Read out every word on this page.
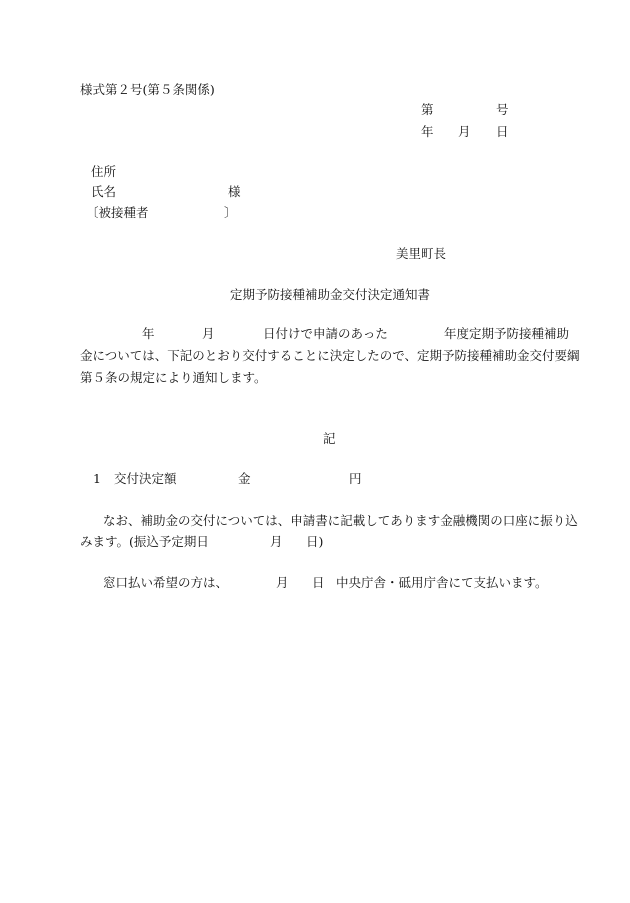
様式第２号(第５条関係)
第	号
年 月 日
住所
氏名	様
〔被接種者	〕
美里町長
定期予防接種補助金交付決定通知書
年	月	日付けで申請のあった	年度定期予防接種補助
金については、下記のとおり交付することに決定したので、定期予防接種補助金交付要綱
第５条の規定により通知します。
記
1 交付決定額	金	円
なお、補助金の交付については、申請書に記載してあります金融機関の口座に振り込
みます。(振込予定期日	月 日)
窓口払い希望の方は、	月 日 中央庁舎・砥用庁舎にて支払います。
